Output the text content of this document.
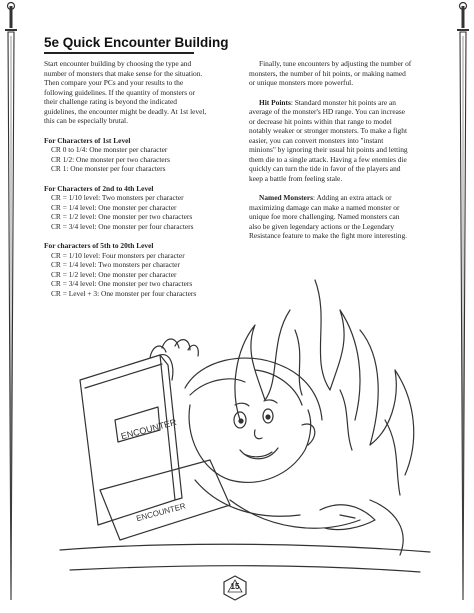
5e Quick Encounter Building

Start encounter building by choosing the type and

number of monsters that make sense for the situation.

Then compare your PCs and your results to the

following guidelines. If the quantity of monsters or

their challenge rating is beyond the indicated

guidelines, the encounter might be deadly. At 1st level,

this can be especially brutal.

For Characters of 1st Level

CR 0 to 1/4: One monster per character

CR 1/2: One monster per two characters

CR 1: One monster per four characters

For Characters of 2nd to 4th Level

CR = 1/10 level: Two monsters per character

CR = 1/4 level: One monster per character

CR = 1/2 level: One monster per two characters

CR = 3/4 level: One monster per four characters

For characters of 5th to 20th Level

CR = 1/10 level: Four monsters per character

CR = 1/4 level: Two monsters per character

CR = 1/2 level: One monster per character

CR = 3/4 level: One monster per two characters

CR = Level + 3: One monster per four characters

Finally, tune encounters by adjusting the number of

monsters, the number of hit points, or making named

or unique monsters more powerful.

Hit Points: Standard monster hit points are an

average of the monster's HD range. You can increase

or decrease hit points within that range to model

notably weaker or stronger monsters. To make a fight

easier, you can convert monsters into "instant

minions" by ignoring their usual hit points and letting

them die to a single attack. Having a few enemies die

quickly can turn the tide in favor of the players and

keep a battle from feeling stale.

Named Monsters: Adding an extra attack or

maximizing damage can make a named monster or

unique foe more challenging. Named monsters can

also be given legendary actions or the Legendary

Resistance feature to make the fight more interesting.

ENCOUNTER
ENCOUNTER
15
